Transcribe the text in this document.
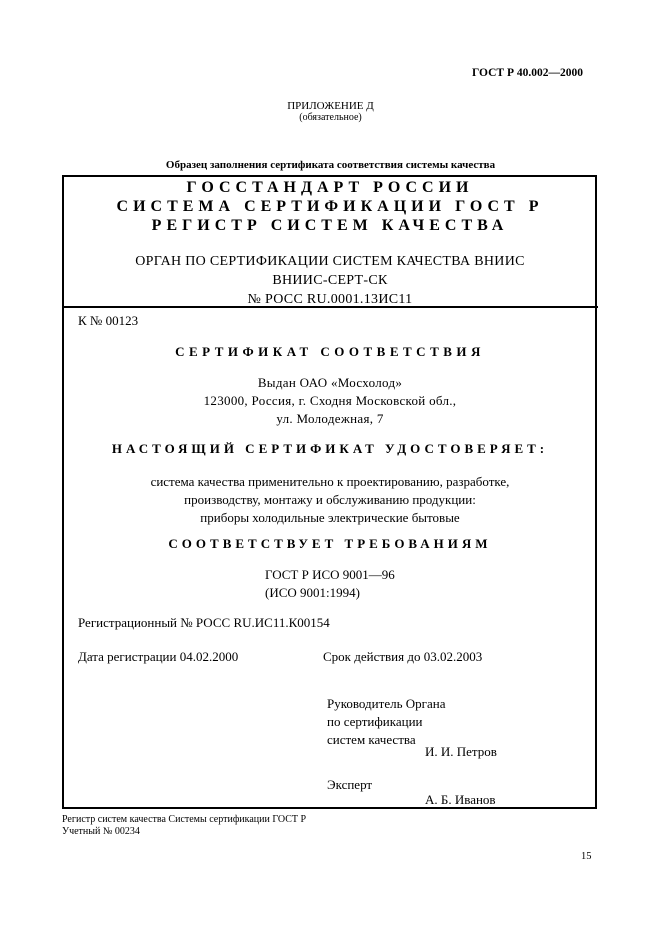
ГОСТ Р 40.002—2000
ПРИЛОЖЕНИЕ Д
(обязательное)
Образец заполнения сертификата соответствия системы качества
ГОССТАНДАРТ РОССИИ
СИСТЕМА СЕРТИФИКАЦИИ ГОСТ Р
РЕГИСТР СИСТЕМ КАЧЕСТВА
ОРГАН ПО СЕРТИФИКАЦИИ СИСТЕМ КАЧЕСТВА ВНИИС
ВНИИС-СЕРТ-СК
№ РОСС RU.0001.13ИС11
К № 00123
СЕРТИФИКАТ СООТВЕТСТВИЯ
Выдан ОАО «Мосхолод»
123000, Россия, г. Сходня Московской обл.,
ул. Молодежная, 7
НАСТОЯЩИЙ СЕРТИФИКАТ УДОСТОВЕРЯЕТ:
система качества применительно к проектированию, разработке,
производству, монтажу и обслуживанию продукции:
приборы холодильные электрические бытовые
СООТВЕТСТВУЕТ ТРЕБОВАНИЯМ
ГОСТ Р ИСО 9001—96
(ИСО 9001:1994)
Регистрационный № РОСС RU.ИС11.К00154
Дата регистрации 04.02.2000	Срок действия до 03.02.2003
Руководитель Органа
по сертификации
систем качества
И. И. Петров
Эксперт
А. Б. Иванов
Регистр систем качества Системы сертификации ГОСТ Р
Учетный № 00234
15
